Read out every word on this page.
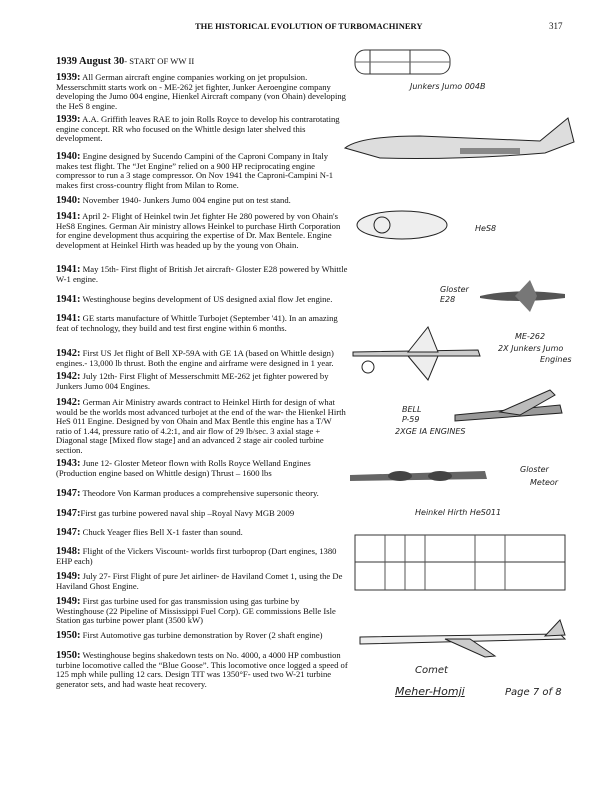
THE HISTORICAL EVOLUTION OF TURBOMACHINERY	317
1939 August 30- START OF WW II
1939: All German aircraft engine companies working on jet propulsion. Messerschmitt starts work on - ME-262 jet fighter, Junker Aeroengine company developing the Jumo 004 engine, Hienkel Aircraft company (von Ohain) developing the HeS 8 engine.
1939: A.A. Griffith leaves RAE to join Rolls Royce to develop his contrarotating engine concept. RR who focused on the Whittle design later shelved this development.
1940: Engine designed by Sucendo Campini of the Caproni Company in Italy makes test flight. The “Jet Engine” relied on a 900 HP reciprocating engine compressor to run a 3 stage compressor. On Nov 1941 the Caproni-Campini N-1 makes first cross-country flight from Milan to Rome.
1940: November 1940- Junkers Jumo 004 engine put on test stand.
1941: April 2- Flight of Heinkel twin Jet fighter He 280 powered by von Ohain's HeS8 Engines. German Air ministry allows Heinkel to purchase Hirth Corporation for engine development thus acquiring the expertise of Dr. Max Bentele. Engine development at Heinkel Hirth was headed up by the young von Ohain.
1941: May 15th- First flight of British Jet aircraft- Gloster E28 powered by Whittle W-1 engine.
1941: Westinghouse begins development of US designed axial flow Jet engine.
1941: GE starts manufacture of Whittle Turbojet (September '41). In an amazing feat of technology, they build and test first engine within 6 months.
1942: First US Jet flight of Bell XP-59A with GE 1A (based on Whittle design) engines.- 13,000 lb thrust. Both the engine and airframe were designed in 1 year.
1942: July 12th- First Flight of Messerschmitt ME-262 jet fighter powered by Junkers Jumo 004 Engines.
1942: German Air Ministry awards contract to Heinkel Hirth for design of what would be the worlds most advanced turbojet at the end of the war- the Hienkel Hirth HeS 011 Engine. Designed by von Ohain and Max Bentle this engine has a T/W ratio of 1.44, pressure ratio of 4.2:1, and air flow of 29 lb/sec. 3 axial stage + Diagonal stage [Mixed flow stage] and an advanced 2 stage air cooled turbine section.
1943: June 12- Gloster Meteor flown with Rolls Royce Welland Engines (Production engine based on Whittle design) Thrust – 1600 lbs
1947: Theodore Von Karman produces a comprehensive supersonic theory.
1947:First gas turbine powered naval ship –Royal Navy MGB 2009
1947: Chuck Yeager flies Bell X-1 faster than sound.
1948: Flight of the Vickers Viscount- worlds first turboprop (Dart engines, 1380 EHP each)
1949: July 27- First Flight of pure Jet airliner- de Haviland Comet 1, using the De Haviland Ghost Engine.
1949: First gas turbine used for gas transmission using gas turbine by Westinghouse (22 Pipeline of Mississippi Fuel Corp). GE commissions Belle Isle Station gas turbine power plant (3500 kW)
1950: First Automotive gas turbine demonstration by Rover (2 shaft engine)
1950: Westinghouse begins shakedown tests on No. 4000, a 4000 HP combustion turbine locomotive called the “Blue Goose”. This locomotive once logged a speed of 125 mph while pulling 12 cars. Design TIT was 1350°F- used two W-21 turbine generator sets, and had waste heat recovery.
Junkers Jumo 004B
HeS8
Gloster E28
ME-262
2X Junkers Jumo
Engines
BELL
P-59
2XGE IA ENGINES
Gloster
Meteor
Heinkel Hirth HeS011
Comet
Meher-Homji	Page 7 of 8
